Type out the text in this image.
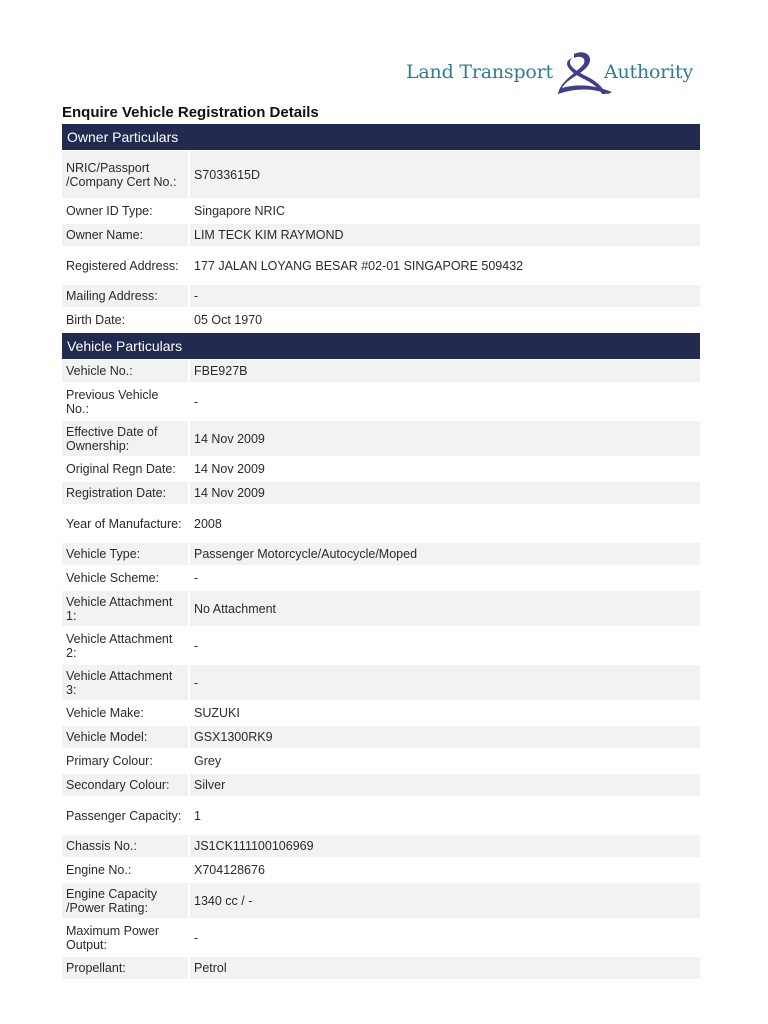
Land Transport	Authority
Enquire Vehicle Registration Details
Owner Particulars
NRIC/Passport /Company Cert No.:	S7033615D
Owner ID Type:	Singapore NRIC
Owner Name:	LIM TECK KIM RAYMOND
Registered Address:	177 JALAN LOYANG BESAR #02-01 SINGAPORE 509432
Mailing Address:	-
Birth Date:	05 Oct 1970
Vehicle Particulars
Vehicle No.:	FBE927B
Previous Vehicle No.:	-
Effective Date of Ownership:	14 Nov 2009
Original Regn Date:	14 Nov 2009
Registration Date:	14 Nov 2009
Year of Manufacture: 2008
Vehicle Type:	Passenger Motorcycle/Autocycle/Moped
Vehicle Scheme:	-
Vehicle Attachment 1:	No Attachment
Vehicle Attachment 2:	-
Vehicle Attachment 3:	-
Vehicle Make:	SUZUKI
Vehicle Model:	GSX1300RK9
Primary Colour:	Grey
Secondary Colour:	Silver
Passenger Capacity:	1
Chassis No.:	JS1CK111100106969
Engine No.:	X704128676
Engine Capacity /Power Rating:	1340 cc / -
Maximum Power Output:	-
Propellant:	Petrol
